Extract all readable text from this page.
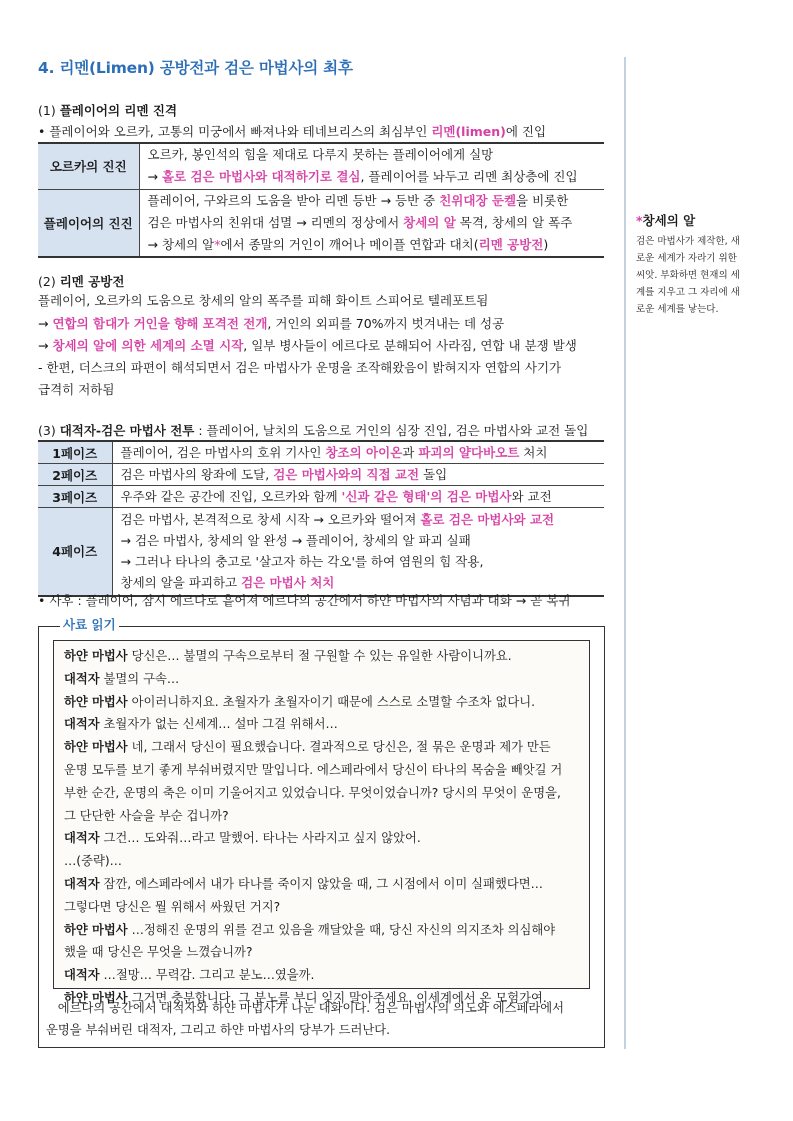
4. 리멘(Limen) 공방전과 검은 마법사의 최후
(1) 플레이어의 리멘 진격
• 플레이어와 오르카, 고통의 미궁에서 빠져나와 테네브리스의 최심부인 리멘(limen)에 진입
오르카의 진진	오르카, 봉인석의 힘을 제대로 다루지 못하는 플레이어에게 실망
→ 홀로 검은 마법사와 대적하기로 결심, 플레이어를 놔두고 리멘 최상층에 진입

플레이어의 진진	플레이어, 구와르의 도움을 받아 리멘 등반 → 등반 중 친위대장 둔켈을 비롯한
검은 마법사의 친위대 섬멸 → 리멘의 정상에서 창세의 알 목격, 창세의 알 폭주
→ 창세의 알*에서 종말의 거인이 깨어나 메이플 연합과 대치(리멘 공방전)
(2) 리멘 공방전
플레이어, 오르카의 도움으로 창세의 알의 폭주를 피해 화이트 스피어로 텔레포트됨
→ 연합의 함대가 거인을 향해 포격전 전개, 거인의 외피를 70%까지 벗겨내는 데 성공
→ 창세의 알에 의한 세계의 소멸 시작, 일부 병사들이 에르다로 분해되어 사라짐, 연합 내 분쟁 발생
- 한편, 더스크의 파편이 해석되면서 검은 마법사가 운명을 조작해왔음이 밝혀지자 연합의 사기가
급격히 저하됨
(3) 대적자-검은 마법사 전투 : 플레이어, 날치의 도움으로 거인의 심장 진입, 검은 마법사와 교전 돌입
1페이즈	플레이어, 검은 마법사의 호위 기사인 창조의 아이온과 파괴의 얄다바오트 처치

2페이즈	검은 마법사의 왕좌에 도달, 검은 마법사와의 직접 교전 돌입

3페이즈	우주와 같은 공간에 진입, 오르카와 함께 '신과 같은 형태'의 검은 마법사와 교전

4페이즈	검은 마법사, 본격적으로 창세 시작 → 오르카와 떨어져 홀로 검은 마법사와 교전
→ 검은 마법사, 창세의 알 완성 → 플레이어, 창세의 알 파괴 실패
→ 그러나 타나의 충고로 '살고자 하는 각오'를 하여 염원의 힘 작용,
창세의 알을 파괴하고 검은 마법사 처치
• 사후 : 플레이어, 잠시 에르다로 흩어져 에르다의 공간에서 하얀 마법사의 사념과 대화 → 곧 복귀
사료 읽기
하얀 마법사 당신은… 불멸의 구속으로부터 절 구원할 수 있는 유일한 사람이니까요.
대적자 불멸의 구속…
하얀 마법사 아이러니하지요. 초월자가 초월자이기 때문에 스스로 소멸할 수조차 없다니.
대적자 초월자가 없는 신세계… 설마 그걸 위해서…
하얀 마법사 네, 그래서 당신이 필요했습니다. 결과적으로 당신은, 절 묶은 운명과 제가 만든
운명 모두를 보기 좋게 부숴버렸지만 말입니다. 에스페라에서 당신이 타나의 목숨을 빼앗길 거
부한 순간, 운명의 축은 이미 기울어지고 있었습니다. 무엇이었습니까? 당시의 무엇이 운명을,
그 단단한 사슬을 부순 겁니까?
대적자 그건… 도와줘…라고 말했어. 타나는 사라지고 싶지 않았어.
…(중략)…
대적자 잠깐, 에스페라에서 내가 타나를 죽이지 않았을 때, 그 시점에서 이미 실패했다면…
그렇다면 당신은 뭘 위해서 싸웠던 거지?
하얀 마법사 …정해진 운명의 위를 걷고 있음을 깨달았을 때, 당신 자신의 의지조차 의심해야
했을 때 당신은 무엇을 느꼈습니까?
대적자 …절망… 무력감. 그리고 분노…였을까.
하얀 마법사 그거면 충분합니다. 그 분노를 부디 잊지 말아주세요. 이세계에서 온 모험가여.
에르다의 공간에서 대적자와 하얀 마법사가 나눈 대화이다. 검은 마법사의 의도와 에스페라에서
운명을 부숴버린 대적자, 그리고 하얀 마법사의 당부가 드러난다.
*창세의 알
검은 마법사가 제작한, 새
로운 세계가 자라기 위한
씨앗. 부화하면 현재의 세
계를 지우고 그 자리에 새
로운 세계를 낳는다.
